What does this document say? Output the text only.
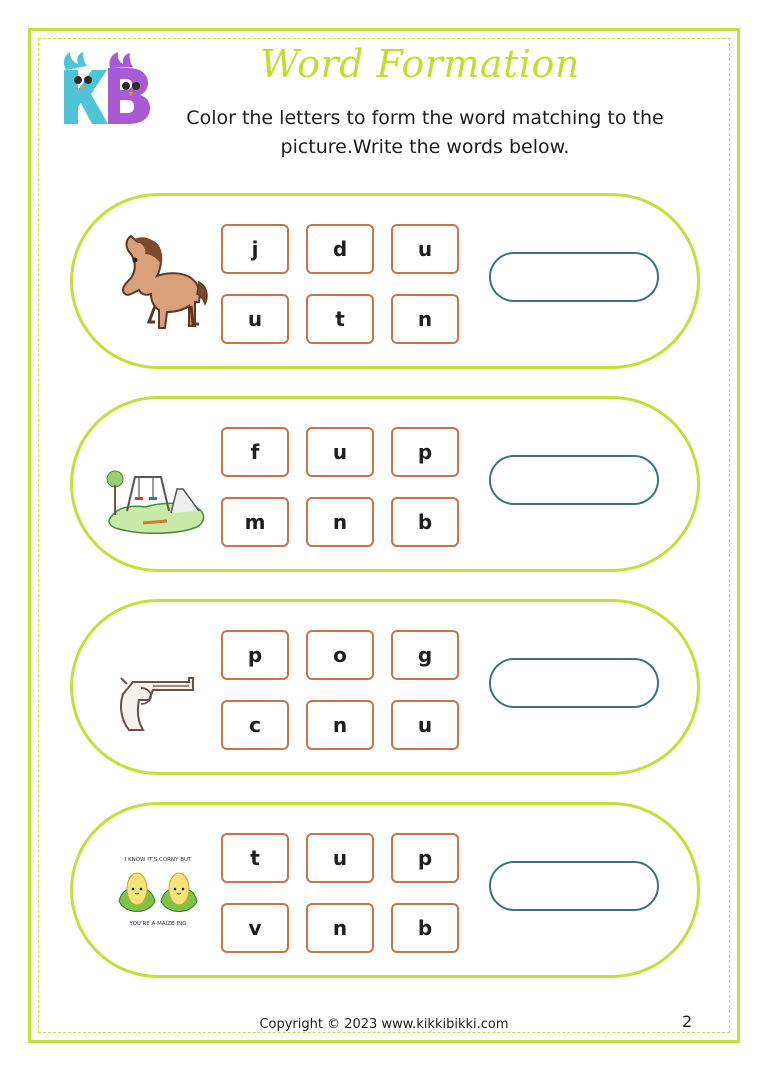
Word Formation
Color the letters to form the word matching to the
picture.Write the words below.
j	d	u
u	t	n
f	u	p
m	n	b
p	o	g
c	n	u
I KNOW IT'S CORNY BUT
YOU'RE A-MAIZE-ING
t	u	p
v	n	b
Copyright © 2023 www.kikkibikki.com	2
